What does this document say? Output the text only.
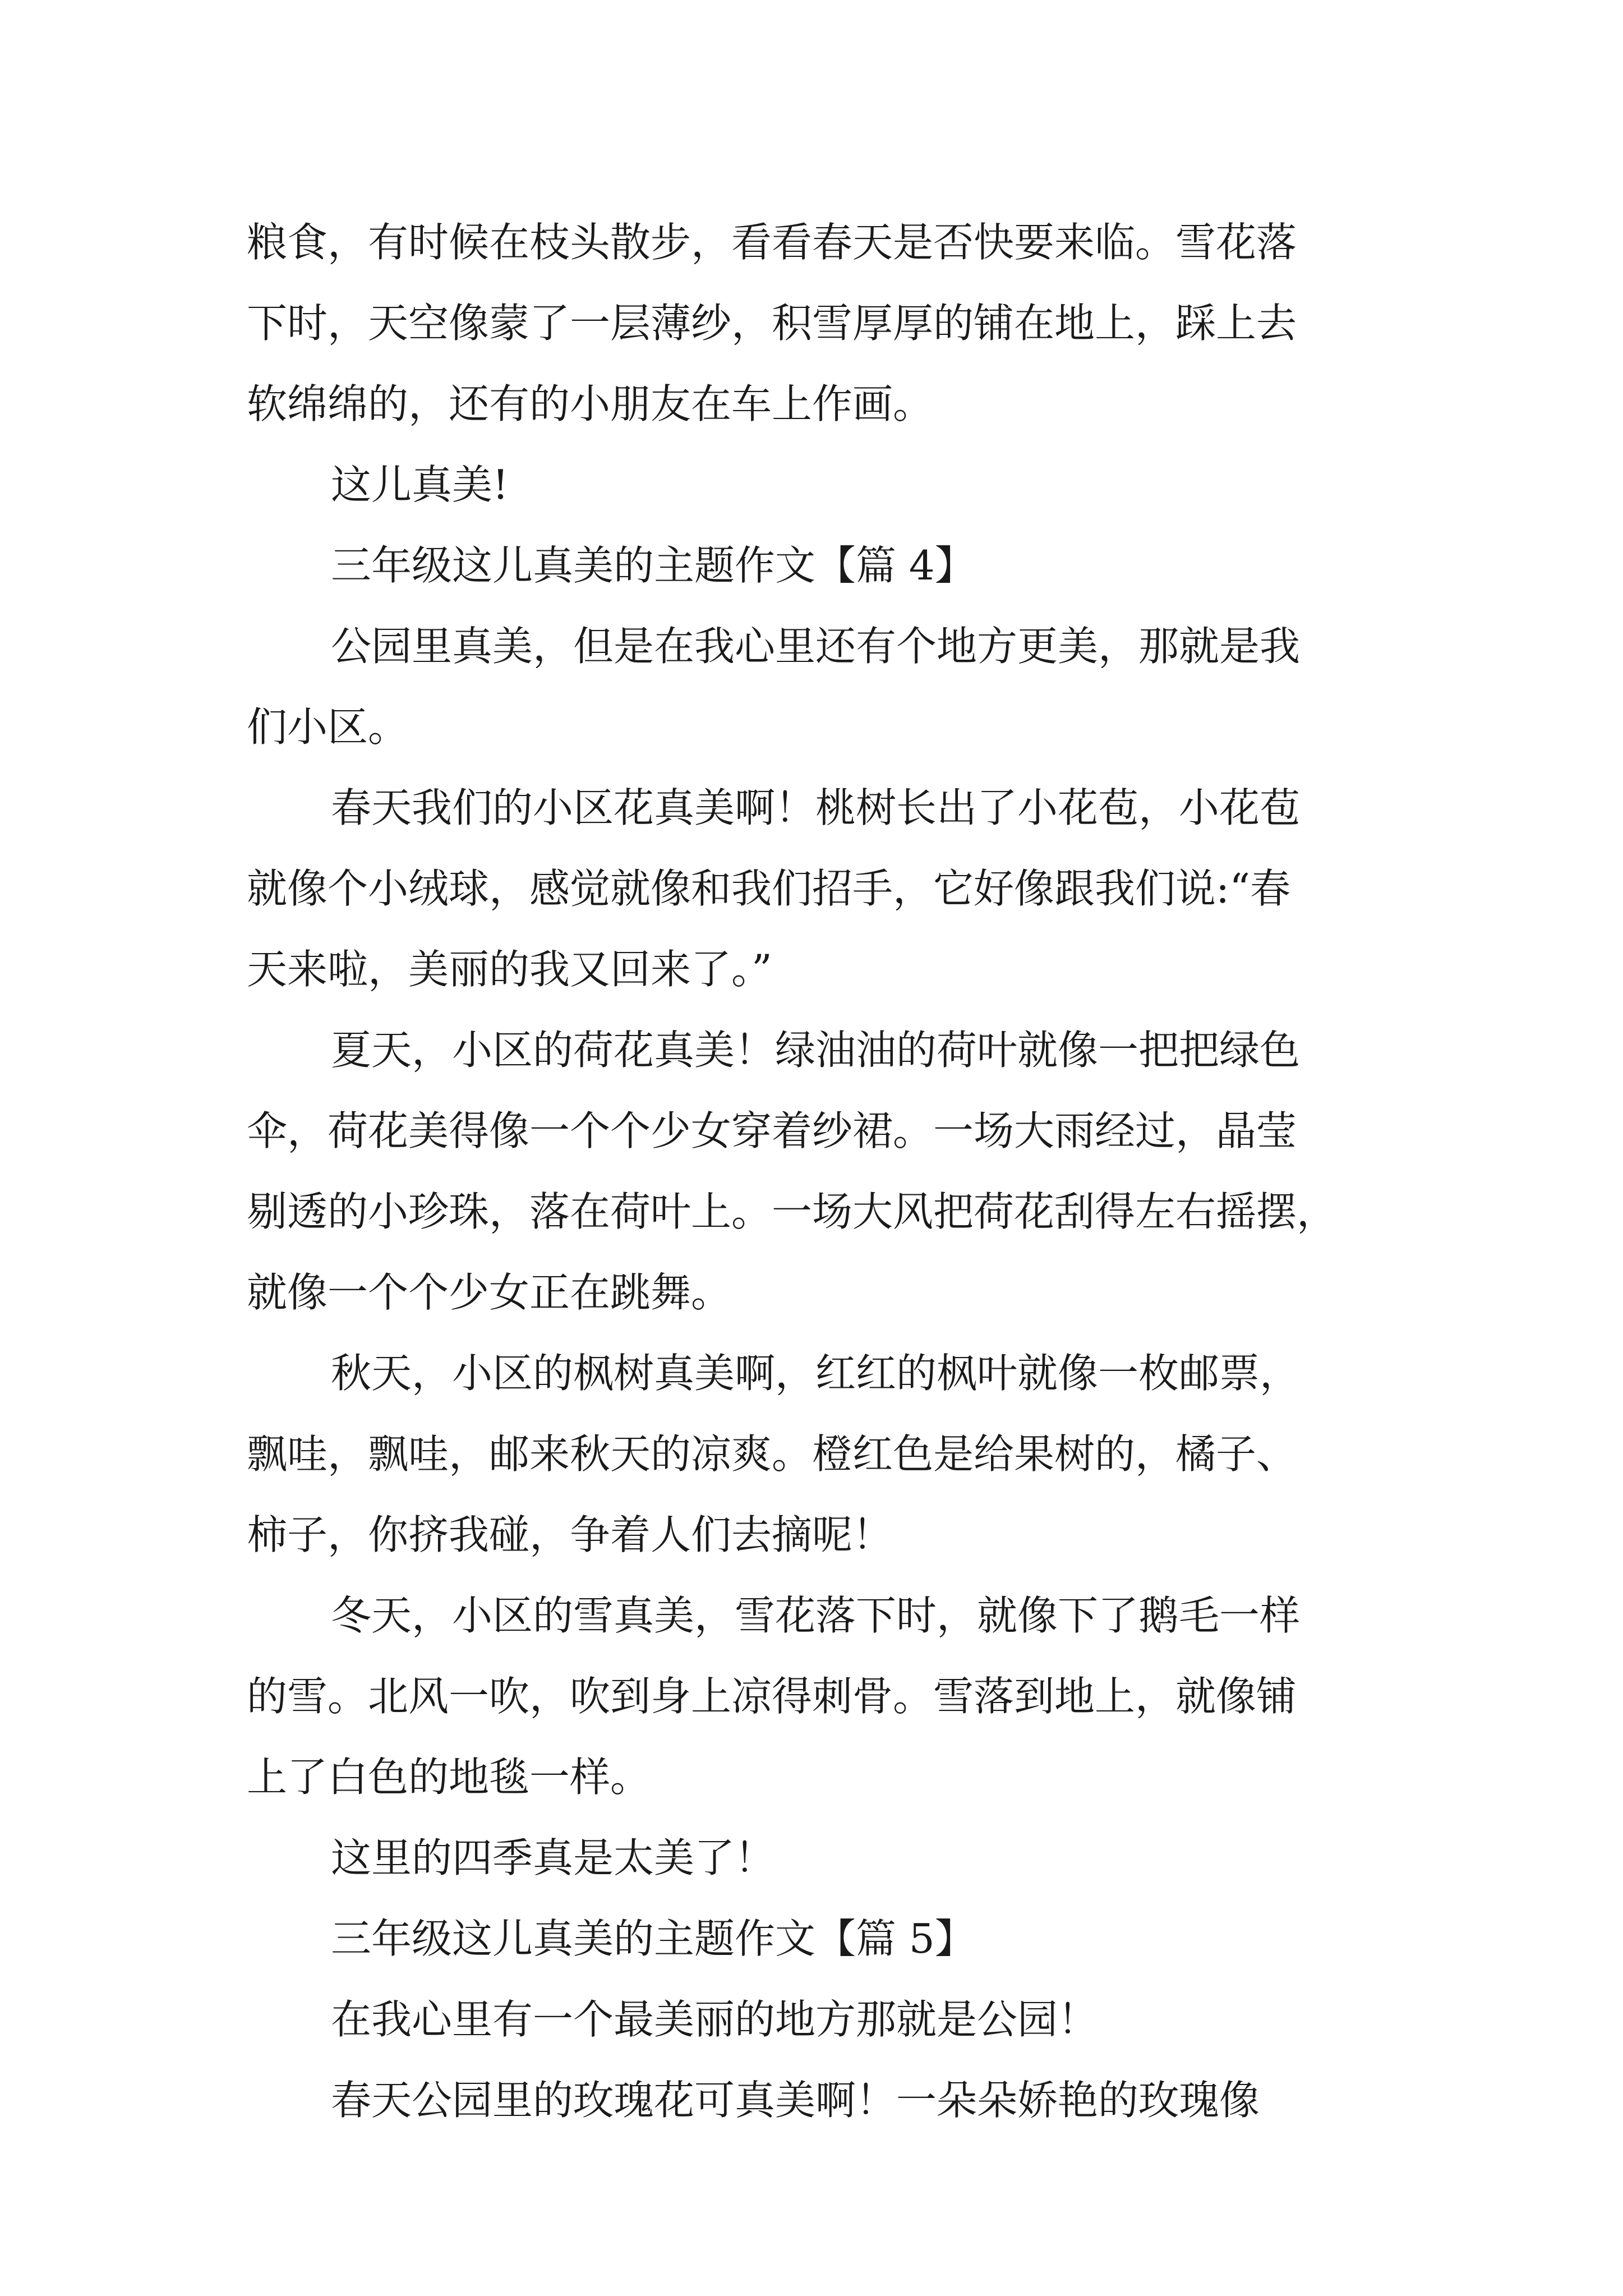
粮食，有时候在枝头散步，看看春天是否快要来临。雪花落
下时，天空像蒙了一层薄纱，积雪厚厚的铺在地上，踩上去
软绵绵的，还有的小朋友在车上作画。
这儿真美!
三年级这儿真美的主题作文【篇 4】
公园里真美，但是在我心里还有个地方更美，那就是我
们小区。
春天我们的小区花真美啊！桃树长出了小花苞，小花苞
就像个小绒球，感觉就像和我们招手，它好像跟我们说:“春
天来啦，美丽的我又回来了。”
夏天，小区的荷花真美！绿油油的荷叶就像一把把绿色
伞，荷花美得像一个个少女穿着纱裙。一场大雨经过，晶莹
剔透的小珍珠，落在荷叶上。一场大风把荷花刮得左右摇摆，
就像一个个少女正在跳舞。
秋天，小区的枫树真美啊，红红的枫叶就像一枚邮票，
飘哇，飘哇，邮来秋天的凉爽。橙红色是给果树的，橘子、
柿子，你挤我碰，争着人们去摘呢！
冬天，小区的雪真美，雪花落下时，就像下了鹅毛一样
的雪。北风一吹，吹到身上凉得刺骨。雪落到地上，就像铺
上了白色的地毯一样。
这里的四季真是太美了！
三年级这儿真美的主题作文【篇 5】
在我心里有一个最美丽的地方那就是公园！
春天公园里的玫瑰花可真美啊！一朵朵娇艳的玫瑰像
